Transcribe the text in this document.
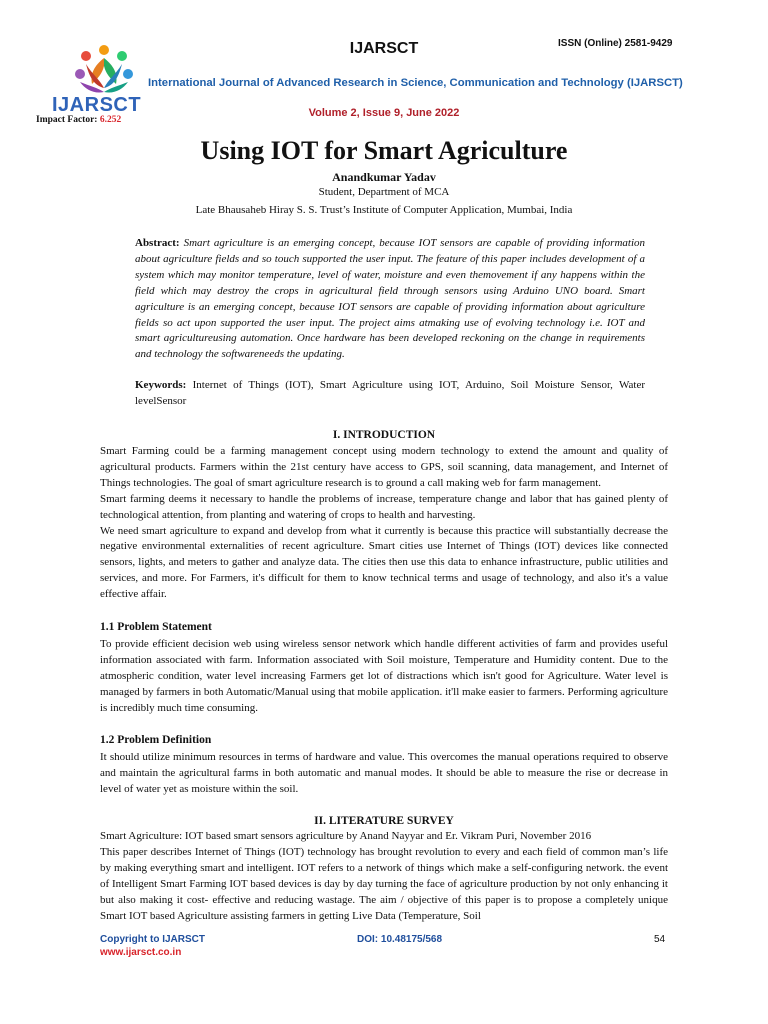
IJARSCT
Impact Factor: 6.252
IJARSCT	ISSN (Online) 2581-9429
International Journal of Advanced Research in Science, Communication and Technology (IJARSCT)
Volume 2, Issue 9, June 2022
Using IOT for Smart Agriculture
Anandkumar Yadav
Student, Department of MCA
Late Bhausaheb Hiray S. S. Trust’s Institute of Computer Application, Mumbai, India
Abstract: Smart agriculture is an emerging concept, because IOT sensors are capable of providing information about agriculture fields and so touch supported the user input. The feature of this paper includes development of a system which may monitor temperature, level of water, moisture and even themovement if any happens within the field which may destroy the crops in agricultural field through sensors using Arduino UNO board. Smart agriculture is an emerging concept, because IOT sensors are capable of providing information about agriculture fields so act upon supported the user input. The project aims atmaking use of evolving technology i.e. IOT and smart agricultureusing automation. Once hardware has been developed reckoning on the change in requirements and technology the softwareneeds the updating.
Keywords: Internet of Things (IOT), Smart Agriculture using IOT, Arduino, Soil Moisture Sensor, Water levelSensor
I. INTRODUCTION

Smart Farming could be a farming management concept using modern technology to extend the amount and quality of agricultural products. Farmers within the 21st century have access to GPS, soil scanning, data management, and Internet of Things technologies. The goal of smart agriculture research is to ground a call making web for farm management.

Smart farming deems it necessary to handle the problems of increase, temperature change and labor that has gained plenty of technological attention, from planting and watering of crops to health and harvesting.

We need smart agriculture to expand and develop from what it currently is because this practice will substantially decrease the negative environmental externalities of recent agriculture. Smart cities use Internet of Things (IOT) devices like connected sensors, lights, and meters to gather and analyze data. The cities then use this data to enhance infrastructure, public utilities and services, and more. For Farmers, it's difficult for them to know technical terms and usage of technology, and also it's a value effective affair.

1.1 Problem Statement

To provide efficient decision web using wireless sensor network which handle different activities of farm and provides useful information associated with farm. Information associated with Soil moisture, Temperature and Humidity content. Due to the atmospheric condition, water level increasing Farmers get lot of distractions which isn't good for Agriculture. Water level is managed by farmers in both Automatic/Manual using that mobile application. it'll make easier to farmers. Performing agriculture is incredibly much time consuming.

1.2 Problem Definition

It should utilize minimum resources in terms of hardware and value. This overcomes the manual operations required to observe and maintain the agricultural farms in both automatic and manual modes. It should be able to measure the rise or decrease in level of water yet as moisture within the soil.

II. LITERATURE SURVEY

Smart Agriculture: IOT based smart sensors agriculture by Anand Nayyar and Er. Vikram Puri, November 2016

This paper describes Internet of Things (IOT) technology has brought revolution to every and each field of common man’s life by making everything smart and intelligent. IOT refers to a network of things which make a self-configuring network. the event of Intelligent Smart Farming IOT based devices is day by day turning the face of agriculture production by not only enhancing it but also making it cost- effective and reducing wastage. The aim / objective of this paper is to propose a completely unique Smart IOT based Agriculture assisting farmers in getting Live Data (Temperature, Soil

Copyright to IJARSCT
www.ijarsct.co.in
DOI: 10.48175/568	54
